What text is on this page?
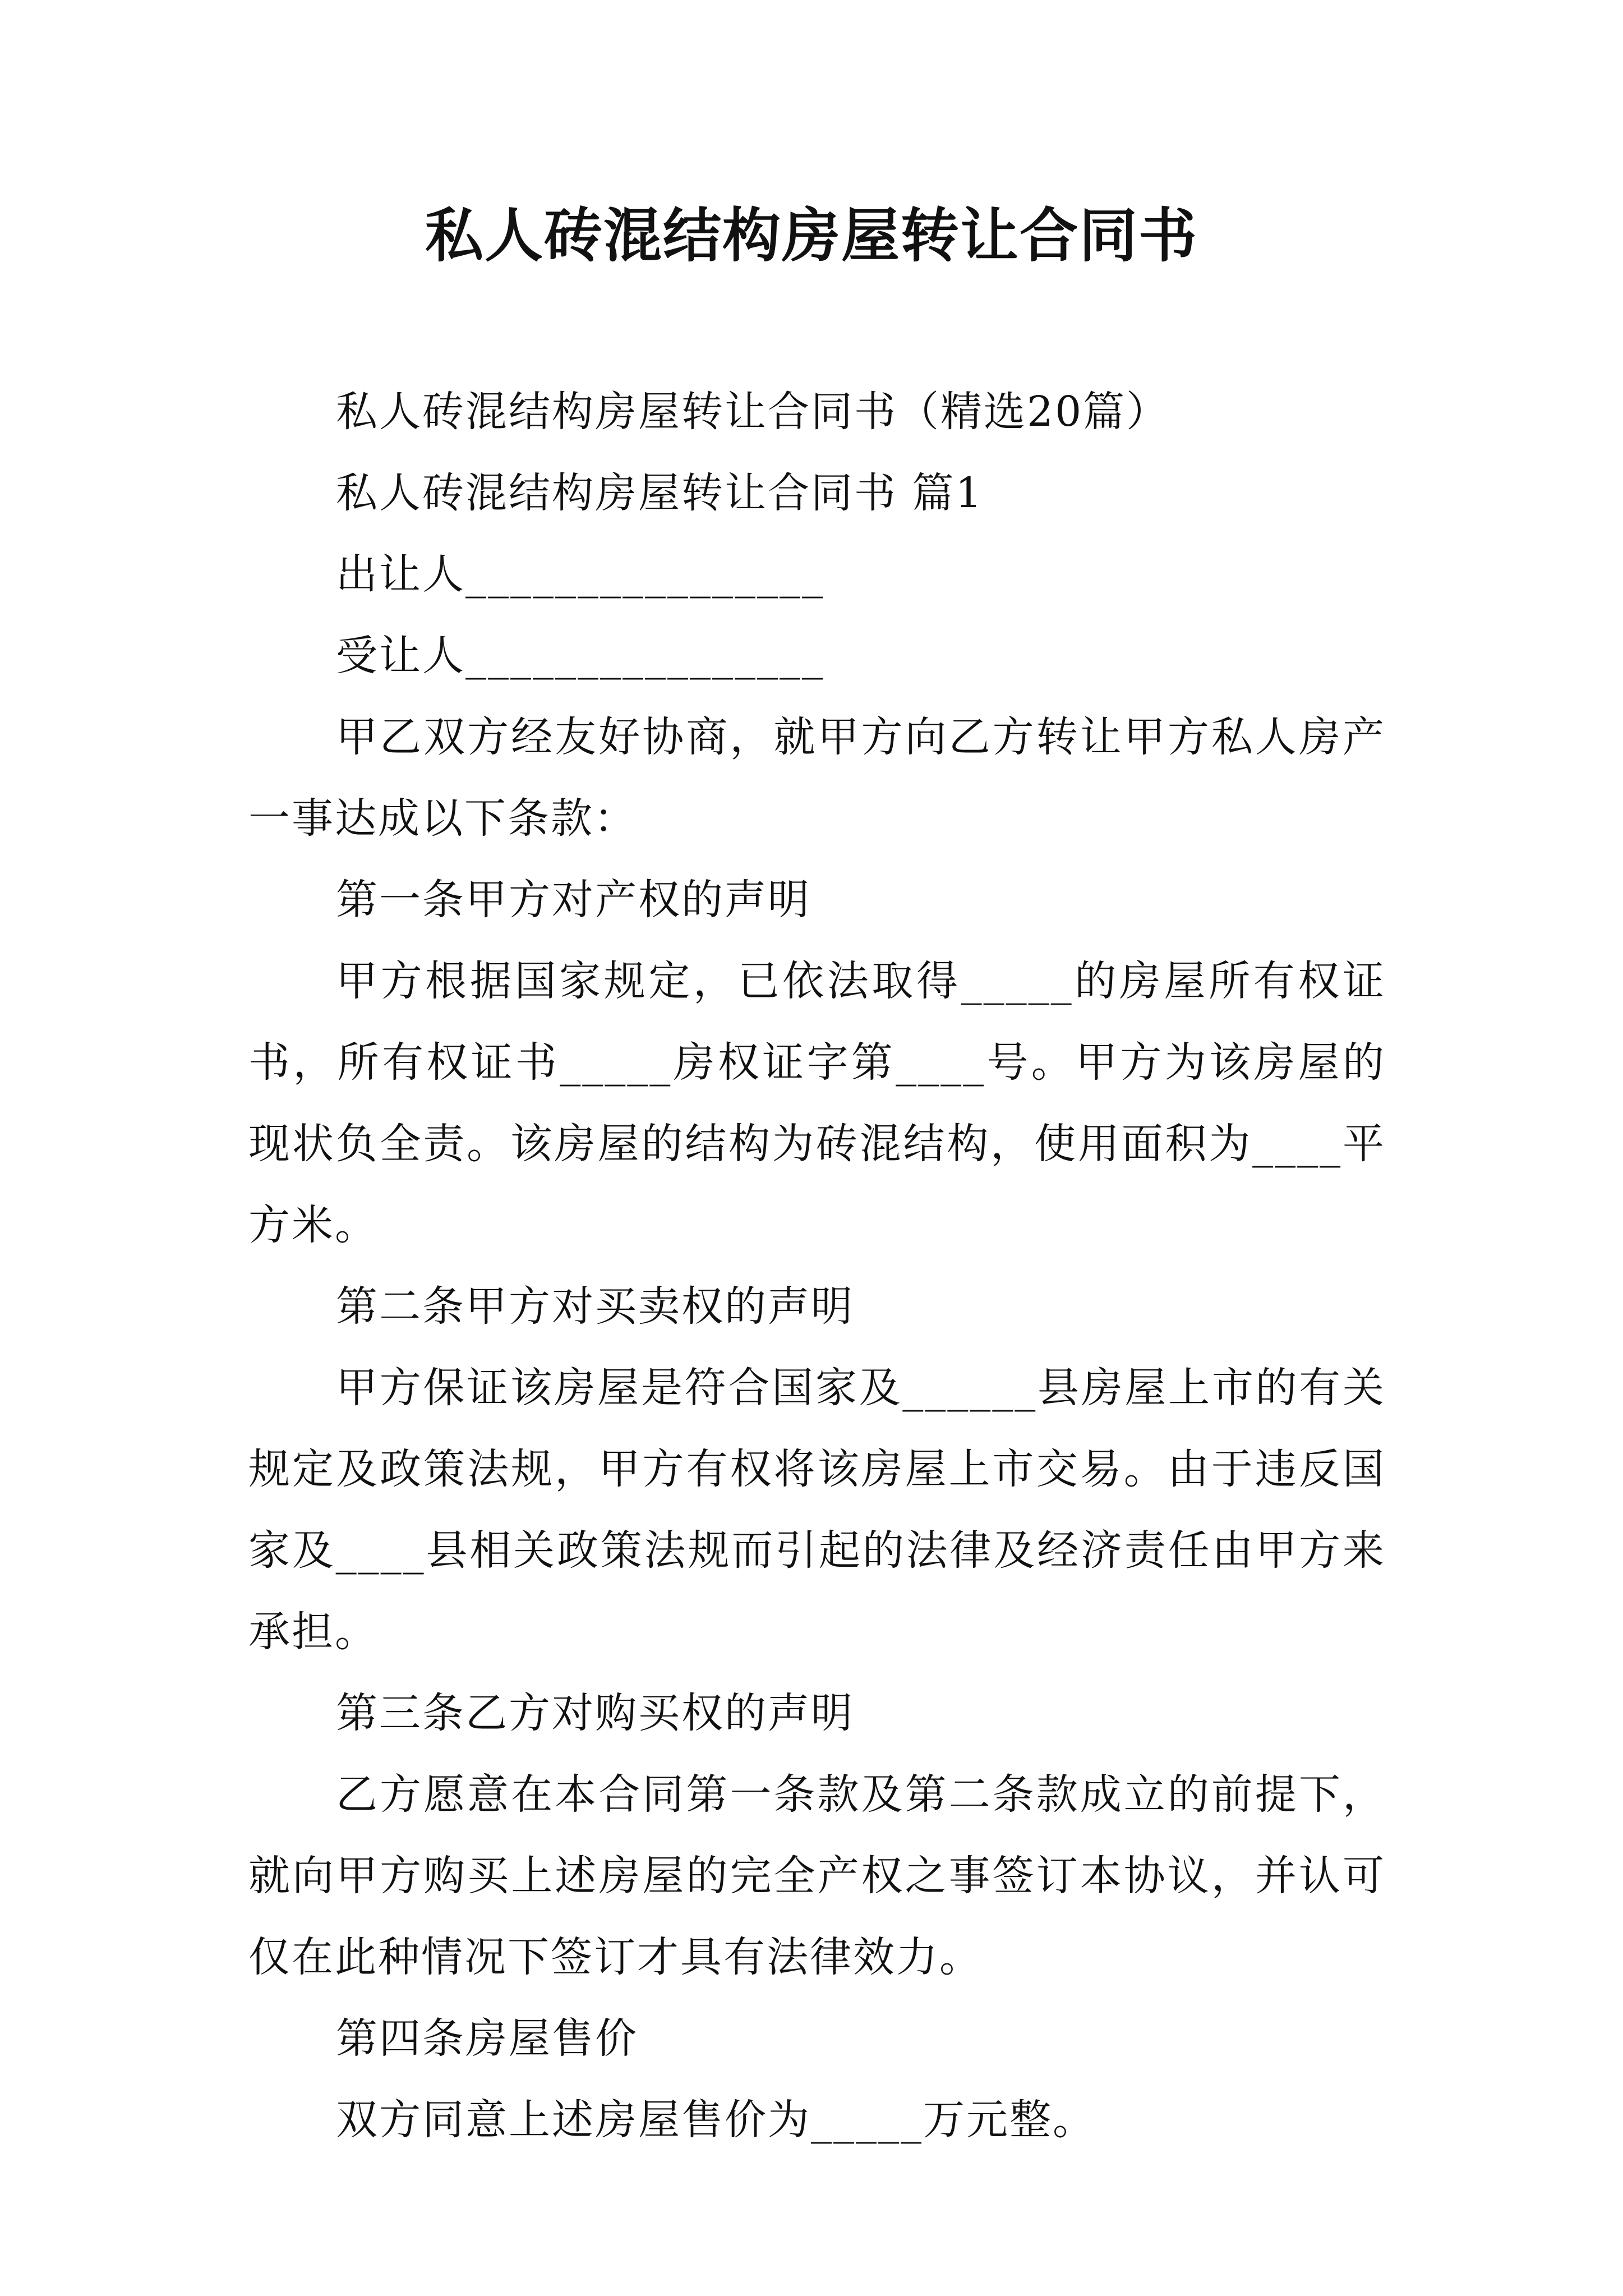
私人砖混结构房屋转让合同书

私人砖混结构房屋转让合同书（精选20篇）

私人砖混结构房屋转让合同书 篇1

出让人________________

受让人________________

甲乙双方经友好协商，就甲方向乙方转让甲方私人房产一事达成以下条款：

第一条甲方对产权的声明

甲方根据国家规定，已依法取得_____的房屋所有权证书，所有权证书_____房权证字第____号。甲方为该房屋的现状负全责。该房屋的结构为砖混结构，使用面积为____平方米。

第二条甲方对买卖权的声明

甲方保证该房屋是符合国家及______县房屋上市的有关规定及政策法规，甲方有权将该房屋上市交易。由于违反国家及____县相关政策法规而引起的法律及经济责任由甲方来承担。

第三条乙方对购买权的声明

乙方愿意在本合同第一条款及第二条款成立的前提下，就向甲方购买上述房屋的完全产权之事签订本协议，并认可仅在此种情况下签订才具有法律效力。

第四条房屋售价

双方同意上述房屋售价为_____万元整。
